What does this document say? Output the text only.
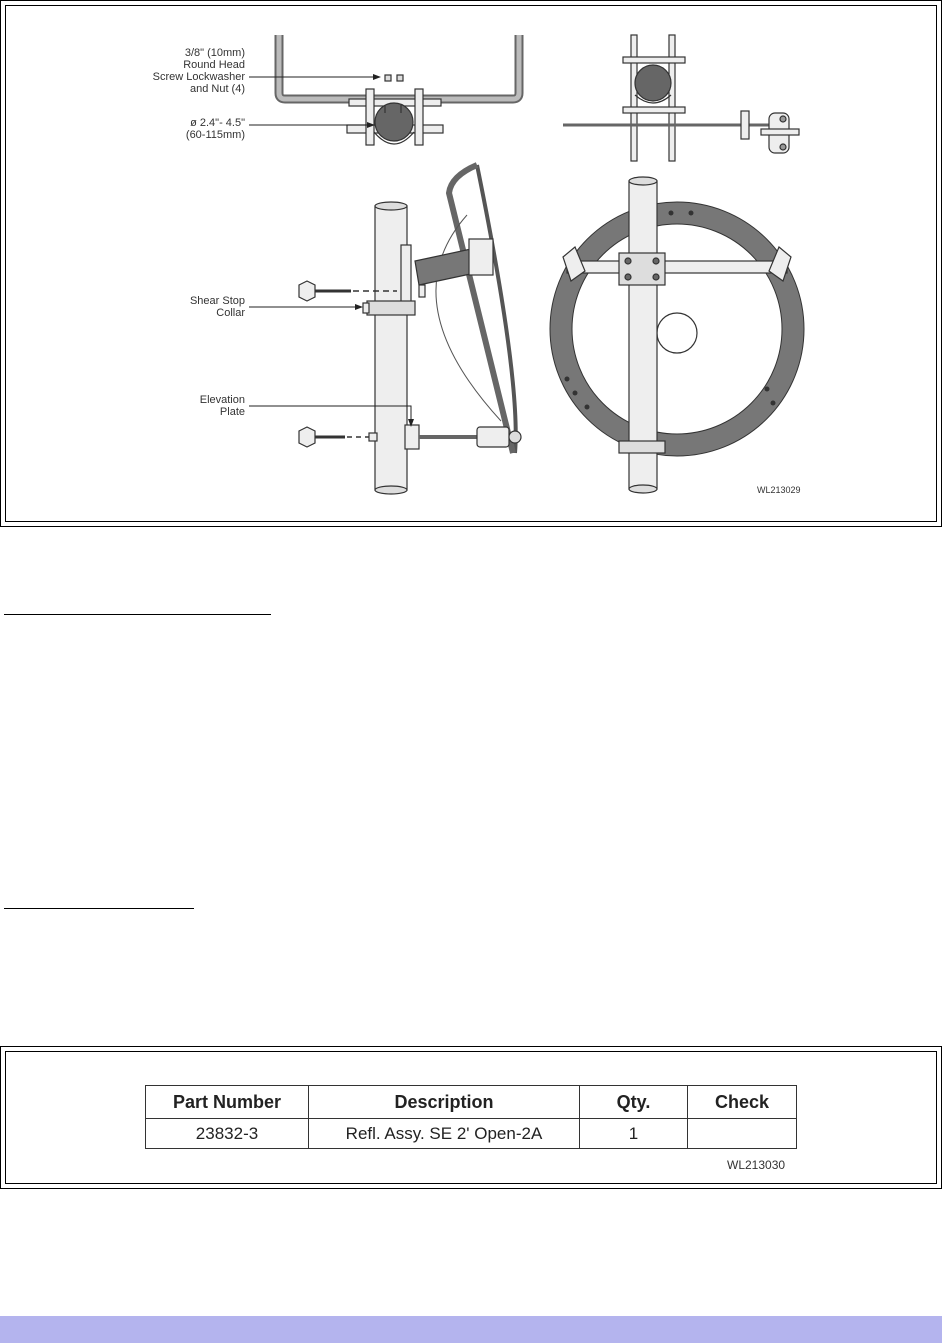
3/8" (10mm)
Round Head
Screw Lockwasher
and Nut (4)
ø 2.4"- 4.5"
(60-115mm)
Shear Stop
Collar
Elevation
Plate
WL213029
Part Number	Description	Qty.	Check
23832-3	Refl. Assy. SE 2' Open-2A	1	
WL213030
